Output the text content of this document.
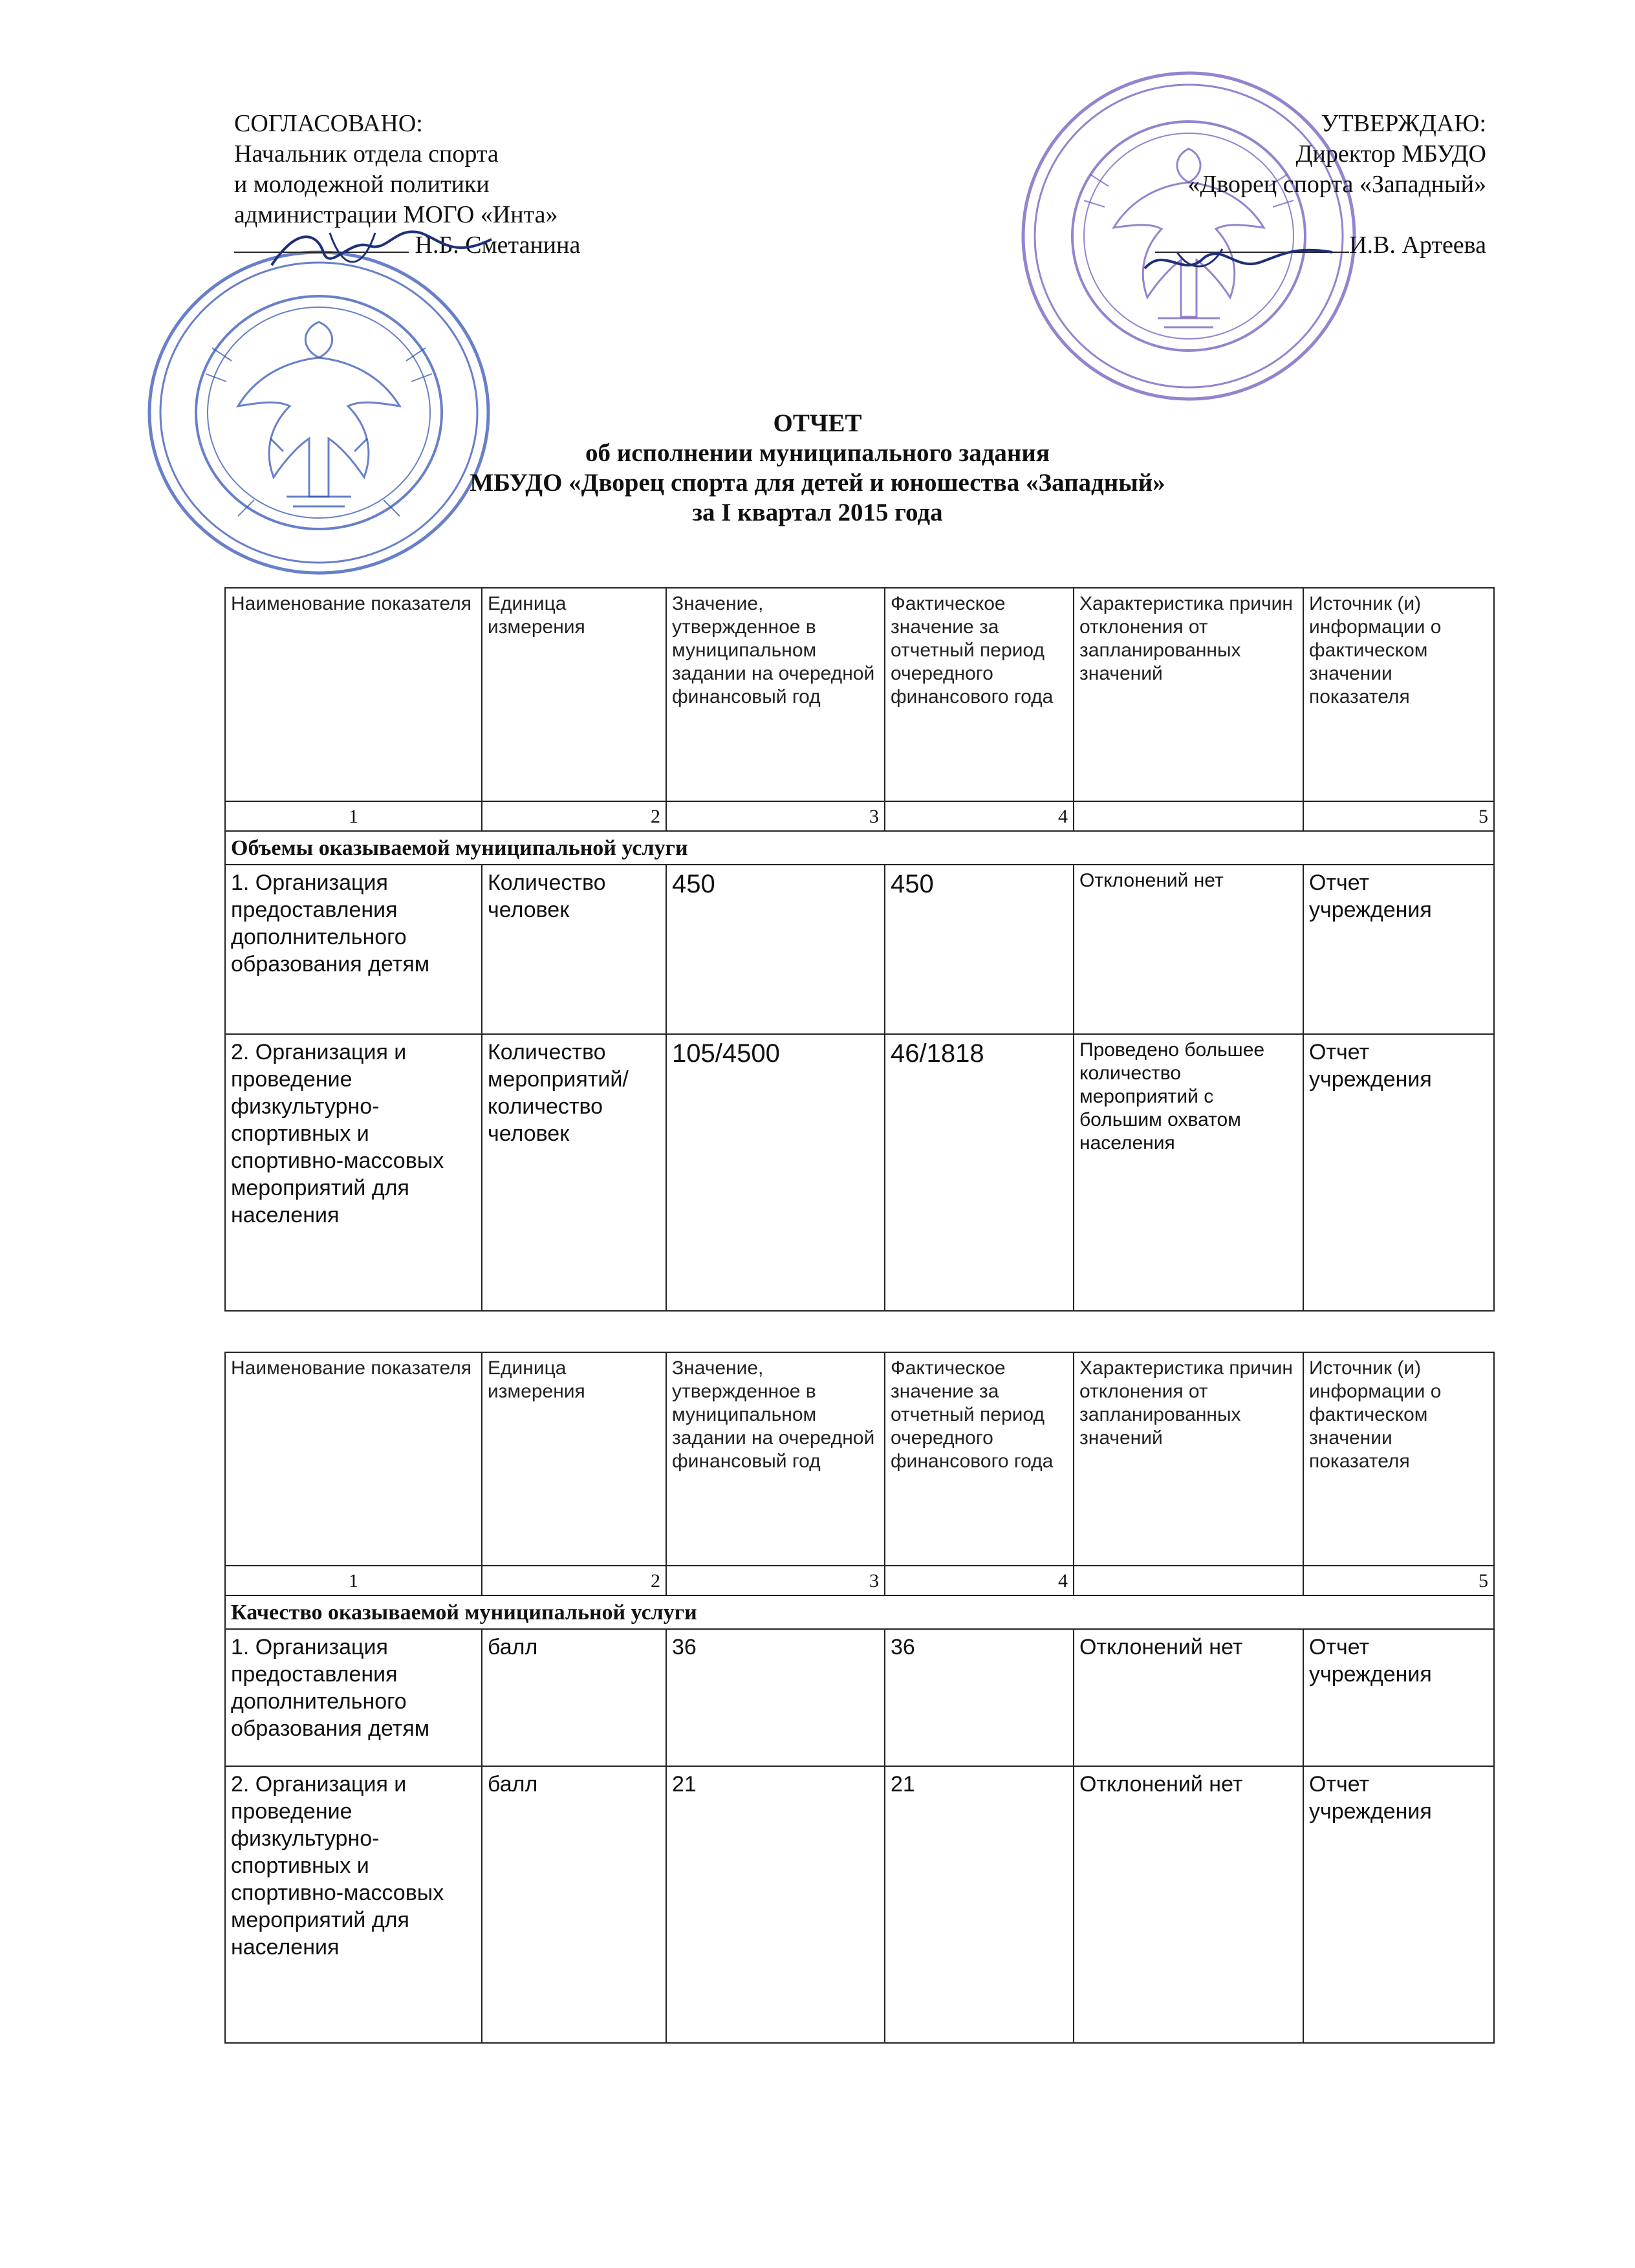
СОГЛАСОВАНО:
Начальник отдела спорта
и молодежной политики
администрации МОГО «Инта»
Н.Б. Сметанина
УТВЕРЖДАЮ:
Директор МБУДО
«Дворец спорта «Западный»

И.В. Артеева
ОТЧЕТ
об исполнении муниципального задания
МБУДО «Дворец спорта для детей и юношества «Западный»
за I квартал 2015 года
Наименование показателя	Единица измерения	Значение, утвержденное в муниципальном задании на очередной финансовый год	Фактическое значение за отчетный период очередного финансового года	Характеристика причин отклонения от запланированных значений	Источник (и) информации о фактическом значении показателя
1	2	3	4		5
Объемы оказываемой муниципальной услуги					
1. Организация предоставления дополнительного образования детям	Количество человек	450	450	Отклонений нет	Отчет учреждения
2. Организация и проведение физкультурно-спортивных и спортивно-массовых мероприятий для населения	Количество мероприятий/ количество человек	105/4500	46/1818	Проведено большее количество мероприятий с большим охватом населения	Отчет учреждения
Наименование показателя	Единица измерения	Значение, утвержденное в муниципальном задании на очередной финансовый год	Фактическое значение за отчетный период очередного финансового года	Характеристика причин отклонения от запланированных значений	Источник (и) информации о фактическом значении показателя
1	2	3	4		5
Качество оказываемой муниципальной услуги					
1. Организация предоставления дополнительного образования детям	балл	36	36	Отклонений нет	Отчет учреждения
2. Организация и проведение физкультурно-спортивных и спортивно-массовых мероприятий для населения	балл	21	21	Отклонений нет	Отчет учреждения
